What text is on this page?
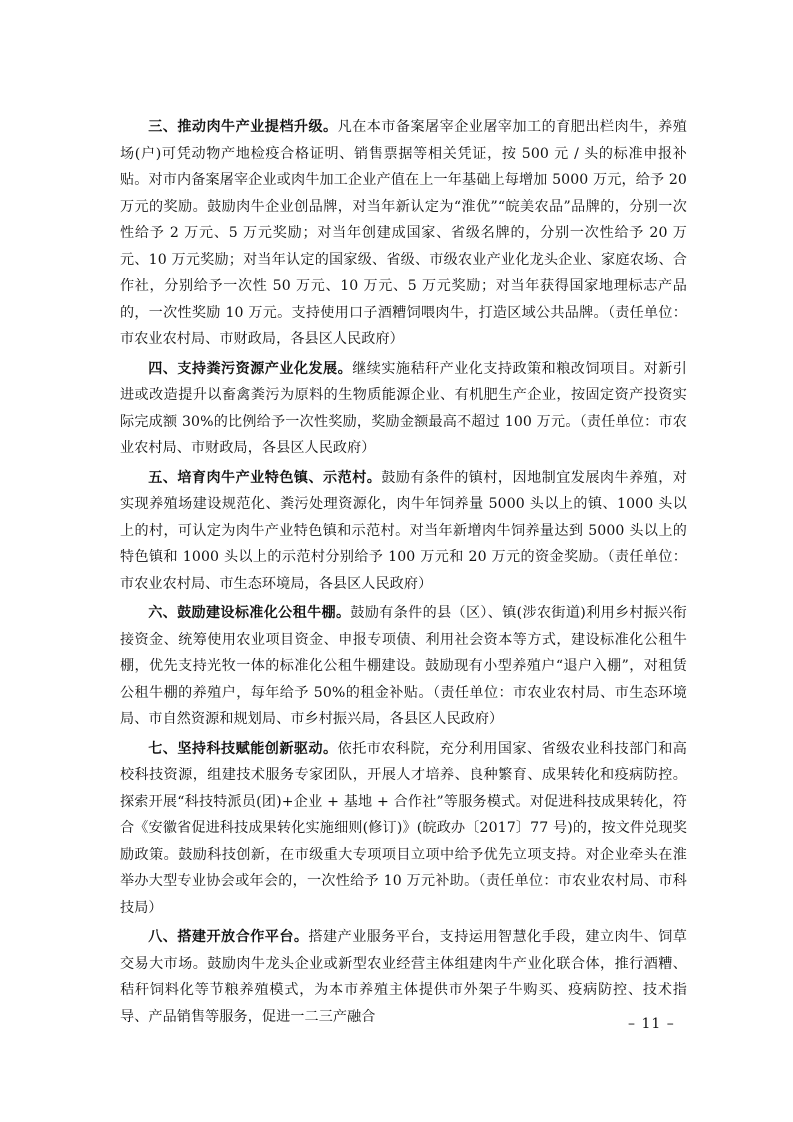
三、推动肉牛产业提档升级。凡在本市备案屠宰企业屠宰加工的育肥出栏肉牛，养殖场(户)可凭动物产地检疫合格证明、销售票据等相关凭证，按 500 元 / 头的标准申报补贴。对市内备案屠宰企业或肉牛加工企业产值在上一年基础上每增加 5000 万元，给予 20 万元的奖励。鼓励肉牛企业创品牌，对当年新认定为“淮优”“皖美农品”品牌的，分别一次性给予 2 万元、5 万元奖励；对当年创建成国家、省级名牌的，分别一次性给予 20 万元、10 万元奖励；对当年认定的国家级、省级、市级农业产业化龙头企业、家庭农场、合作社，分别给予一次性 50 万元、10 万元、5 万元奖励；对当年获得国家地理标志产品的，一次性奖励 10 万元。支持使用口子酒糟饲喂肉牛，打造区域公共品牌。（责任单位：市农业农村局、市财政局，各县区人民政府）

四、支持粪污资源产业化发展。继续实施秸秆产业化支持政策和粮改饲项目。对新引进或改造提升以畜禽粪污为原料的生物质能源企业、有机肥生产企业，按固定资产投资实际完成额 30%的比例给予一次性奖励，奖励金额最高不超过 100 万元。（责任单位：市农业农村局、市财政局，各县区人民政府）

五、培育肉牛产业特色镇、示范村。鼓励有条件的镇村，因地制宜发展肉牛养殖，对实现养殖场建设规范化、粪污处理资源化，肉牛年饲养量 5000 头以上的镇、1000 头以上的村，可认定为肉牛产业特色镇和示范村。对当年新增肉牛饲养量达到 5000 头以上的特色镇和 1000 头以上的示范村分别给予 100 万元和 20 万元的资金奖励。（责任单位：市农业农村局、市生态环境局，各县区人民政府）

六、鼓励建设标准化公租牛棚。鼓励有条件的县（区）、镇(涉农街道)利用乡村振兴衔接资金、统筹使用农业项目资金、申报专项债、利用社会资本等方式，建设标准化公租牛棚，优先支持光牧一体的标准化公租牛棚建设。鼓励现有小型养殖户“退户入棚”，对租赁公租牛棚的养殖户，每年给予 50%的租金补贴。（责任单位：市农业农村局、市生态环境局、市自然资源和规划局、市乡村振兴局，各县区人民政府）

七、坚持科技赋能创新驱动。依托市农科院，充分利用国家、省级农业科技部门和高校科技资源，组建技术服务专家团队，开展人才培养、良种繁育、成果转化和疫病防控。探索开展“科技特派员(团)+企业 + 基地 + 合作社”等服务模式。对促进科技成果转化，符合《安徽省促进科技成果转化实施细则(修订)》(皖政办〔2017〕77 号)的，按文件兑现奖励政策。鼓励科技创新，在市级重大专项项目立项中给予优先立项支持。对企业牵头在淮举办大型专业协会或年会的，一次性给予 10 万元补助。（责任单位：市农业农村局、市科技局）

八、搭建开放合作平台。搭建产业服务平台，支持运用智慧化手段，建立肉牛、饲草交易大市场。鼓励肉牛龙头企业或新型农业经营主体组建肉牛产业化联合体，推行酒糟、秸秆饲料化等节粮养殖模式，为本市养殖主体提供市外架子牛购买、疫病防控、技术指导、产品销售等服务，促进一二三产融合	– 11 –
